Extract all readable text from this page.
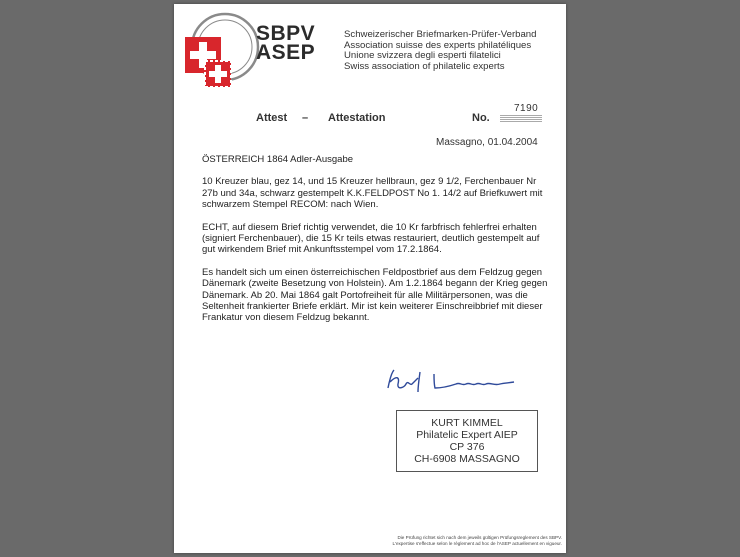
SBPV
ASEP
Schweizerischer Briefmarken-Prüfer-Verband
Association suisse des experts philatéliques
Unione svizzera degli esperti filatelici
Swiss association of philatelic experts
Attest – Attestation	No.
7190
Massagno, 01.04.2004

ÖSTERREICH 1864 Adler-Ausgabe

10 Kreuzer blau, gez 14, und 15 Kreuzer hellbraun, gez 9 1/2, Ferchenbauer Nr 27b und 34a, schwarz gestempelt K.K.FELDPOST No 1. 14/2 auf Briefkuwert mit schwarzem Stempel RECOM: nach Wien.

ECHT, auf diesem Brief richtig verwendet, die 10 Kr farbfrisch fehlerfrei erhalten (signiert Ferchenbauer), die 15 Kr teils etwas restauriert, deutlich gestempelt auf gut wirkendem Brief mit Ankunftsstempel vom 17.2.1864.

Es handelt sich um einen österreichischen Feldpostbrief aus dem Feldzug gegen Dänemark (zweite Besetzung von Holstein). Am 1.2.1864 begann der Krieg gegen Dänemark. Ab 20. Mai 1864 galt Portofreiheit für alle Militärpersonen, was die Seltenheit frankierter Briefe erklärt. Mir ist kein weiterer Einschreibbrief mit dieser Frankatur von diesem Feldzug bekannt.

KURT KIMMEL
Philatelic Expert AIEP
CP 376
CH-6908 MASSAGNO
Die Prüfung richtet sich nach dem jeweils gültigen Prüfungsreglement des SBPV.
L'expertise s'effectue selon le règlement ad hoc de l'ASEP actuellement en vigueur.
